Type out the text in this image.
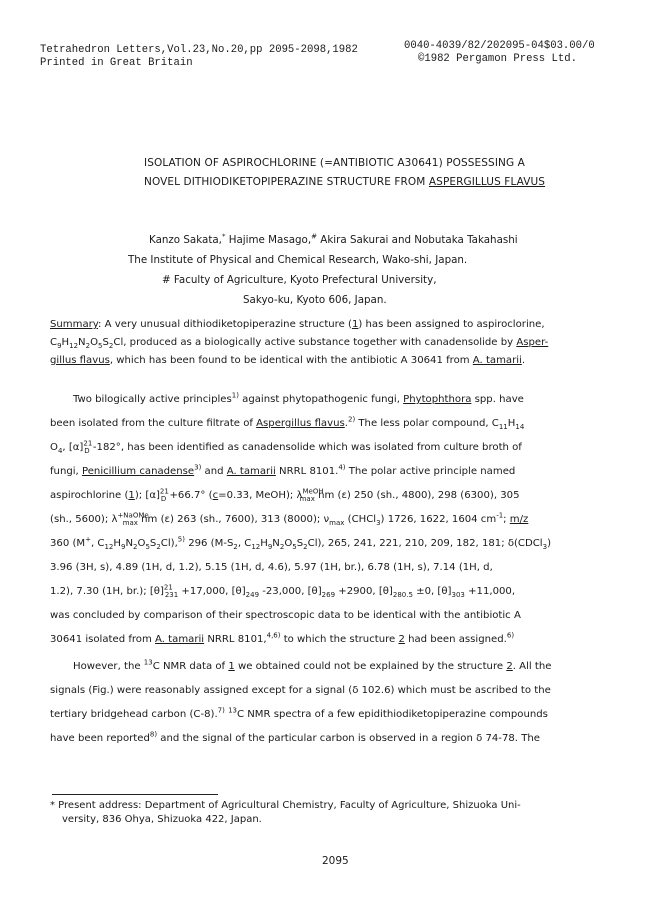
Tetrahedron Letters,Vol.23,No.20,pp 2095-2098,1982
Printed in Great Britain
0040-4039/82/202095-04$03.00/0
©1982 Pergamon Press Ltd.
ISOLATION OF ASPIROCHLORINE (=ANTIBIOTIC A30641) POSSESSING A
NOVEL DITHIODIKETOPIPERAZINE STRUCTURE FROM ASPERGILLUS FLAVUS
Kanzo Sakata,* Hajime Masago,# Akira Sakurai and Nobutaka Takahashi
The Institute of Physical and Chemical Research, Wako-shi, Japan.
# Faculty of Agriculture, Kyoto Prefectural University,
Sakyo-ku, Kyoto 606, Japan.
Summary: A very unusual dithiodiketopiperazine structure (1) has been assigned to aspiroclorine,
$C_9H_{12}N_2O_5S_2Cl$, produced as a biologically active substance together with canadensolide by Asper-
gillus flavus, which has been found to be identical with the antibiotic A 30641 from A. tamarii.
Two bilogically active principles$^{1)}$ against phytopathogenic fungi, Phytophthora spp. have
been isolated from the culture filtrate of Aspergillus flavus.$^{2)}$ The less polar compound, $C_{11}H_{14}$
$O_4$, $[\alpha]^{21}_D$ -182°, has been identified as canadensolide which was isolated from culture broth of
fungi, Penicillium canadense$^{3)}$ and A. tamarii NRRL 8101.$^{4)}$ The polar active principle named
aspirochlorine (1); $[\alpha]^{21}_D +66.7^\circ$ (c=0.33, MeOH); $\lambda^{MeOH}_{max}$ nm (ε) 250 (sh., 4800), 298 (6300), 305
(sh., 5600); $\lambda^{+NaOMe}_{max}$ nm (ε) 263 (sh., 7600), 313 (8000); $\nu_{max}$ (CHCl$_3$) 1726, 1622, 1604 $cm^{-1}$; m/z
360 (M+, $C_{12}H_9N_2O_5S_2Cl),^{5)}$ 296 ($M-S_2$, $C_{12}H_9N_2O_5S_2Cl$), 265, 241, 221, 210, 209, 182, 181; δ(CDCl$_3$)
3.96 (3H, s), 4.89 (1H, d, 1.2), 5.15 (1H, d, 4.6), 5.97 (1H, br.), 6.78 (1H, s), 7.14 (1H, d,
1.2), 7.30 (1H, br.); $[\theta]^{21}_{231} +17,000$, $[\theta]_{249}$ -23,000, $[\theta]_{269} +2900$, $[\theta]_{280.5} \pm 0$, $[\theta]_{303} +11,000$,
was concluded by comparison of their spectroscopic data to be identical with the antibiotic A
30641 isolated from A. tamarii NRRL 8101,$^{4,6)}$ to which the structure 2 had been assigned.$^{6)}$
However, the $^{13}$C NMR data of 1 we obtained could not be explained by the structure 2. All the
signals (Fig.) were reasonably assigned except for a signal (δ 102.6) which must be ascribed to the
tertiary bridgehead carbon (C-8).$^{7)}$ $^{13}$C NMR spectra of a few epidithiodiketopiperazine compounds
have been reported$^{8)}$ and the signal of the particular carbon is observed in a region δ 74-78. The
* Present address: Department of Agricultural Chemistry, Faculty of Agriculture, Shizuoka Uni-
versity, 836 Ohya, Shizuoka 422, Japan.
2095
